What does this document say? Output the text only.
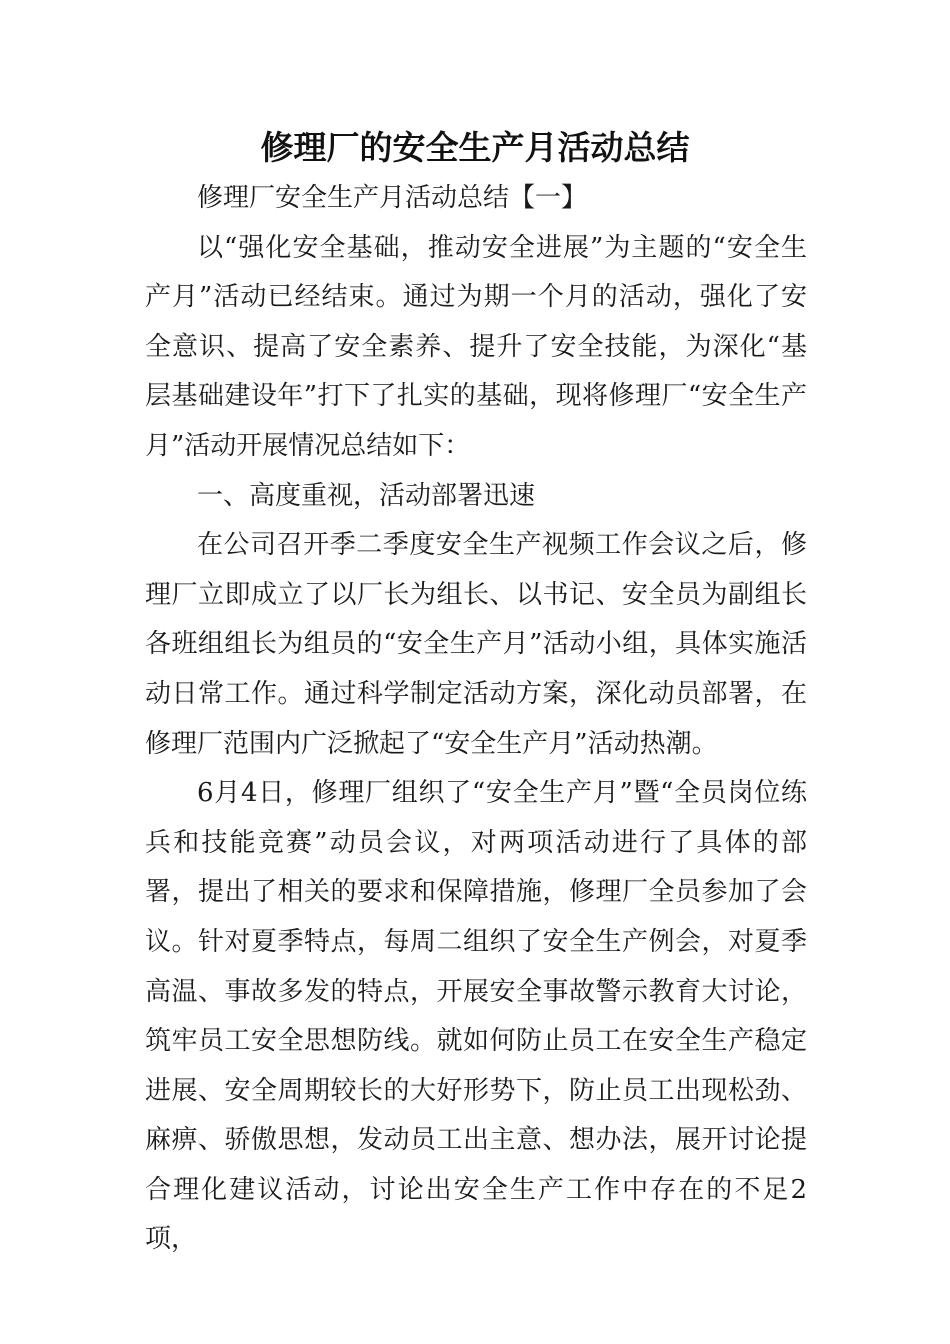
修理厂的安全生产月活动总结

修理厂安全生产月活动总结【一】

以“强化安全基础，推动安全进展”为主题的“安全生产月”活动已经结束。通过为期一个月的活动，强化了安全意识、提高了安全素养、提升了安全技能，为深化“基层基础建设年”打下了扎实的基础，现将修理厂“安全生产月”活动开展情况总结如下：

一、高度重视，活动部署迅速

在公司召开季二季度安全生产视频工作会议之后，修理厂立即成立了以厂长为组长、以书记、安全员为副组长各班组组长为组员的“安全生产月”活动小组，具体实施活动日常工作。通过科学制定活动方案，深化动员部署，在修理厂范围内广泛掀起了“安全生产月”活动热潮。

6月4日，修理厂组织了“安全生产月”暨“全员岗位练兵和技能竞赛”动员会议，对两项活动进行了具体的部署，提出了相关的要求和保障措施，修理厂全员参加了会议。针对夏季特点，每周二组织了安全生产例会，对夏季高温、事故多发的特点，开展安全事故警示教育大讨论，筑牢员工安全思想防线。就如何防止员工在安全生产稳定进展、安全周期较长的大好形势下，防止员工出现松劲、麻痹、骄傲思想，发动员工出主意、想办法，展开讨论提合理化建议活动，讨论出安全生产工作中存在的不足2项，
